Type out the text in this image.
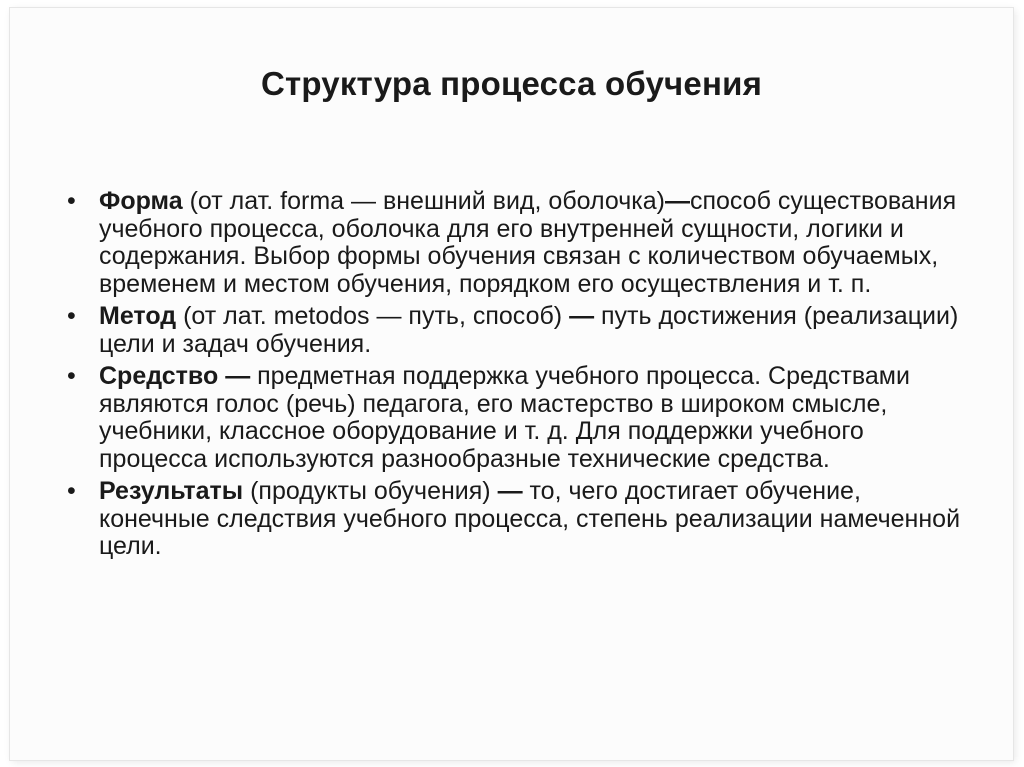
Структура процесса обучения
• Форма (от лат. forma — внешний вид, оболочка)—способ существования учебного процесса, оболочка для его внутренней сущности, логики и содержания. Выбор формы обучения связан с количеством обучаемых, временем и местом обучения, порядком его осуществления и т. п.
• Метод (от лат. metodos — путь, способ) — путь достижения (реализации) цели и задач обучения.
• Средство — предметная поддержка учебного процесса. Средствами являются голос (речь) педагога, его мастерство в широком смысле, учебники, классное оборудование и т. д. Для поддержки учебного процесса используются разнообразные технические средства.
• Результаты (продукты обучения) — то, чего достигает обучение, конечные следствия учебного процесса, степень реализации намеченной цели.
